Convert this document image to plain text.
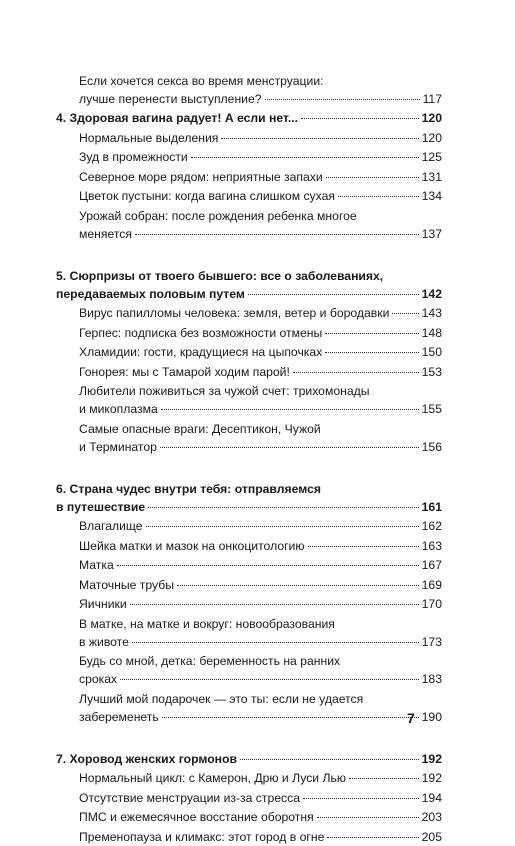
Если хочется секса во время менструации:
лучше перенести выступление?	117
4. Здоровая вагина радует! А если нет...	120
Нормальные выделения	120
Зуд в промежности	125
Северное море рядом: неприятные запахи	131
Цветок пустыни: когда вагина слишком сухая	134
Урожай собран: после рождения ребенка многое
меняется	137
5. Сюрпризы от твоего бывшего: все о заболеваниях,
передаваемых половым путем	142
Вирус папилломы человека: земля, ветер и бородавки	143
Герпес: подписка без возможности отмены	148
Хламидии: гости, крадущиеся на цыпочках	150
Гонорея: мы с Тамарой ходим парой!	153
Любители поживиться за чужой счет: трихомонады
и микоплазма	155
Самые опасные враги: Десептикон, Чужой
и Терминатор	156
6. Страна чудес внутри тебя: отправляемся
в путешествие	161
Влагалище	162
Шейка матки и мазок на онкоцитологию	163
Матка	167
Маточные трубы	169
Яичники	170
В матке, на матке и вокруг: новообразования
в животе	173
Будь со мной, детка: беременность на ранних
сроках	183
Лучший мой подарочек — это ты: если не удается
забеременеть	190
7. Хоровод женских гормонов	192
Нормальный цикл: с Камерон, Дрю и Луси Лью	192
Отсутствие менструации из-за стресса	194
ПМС и ежемесячное восстание оборотня	203
Пременопауза и климакс: этот город в огне	205
7
